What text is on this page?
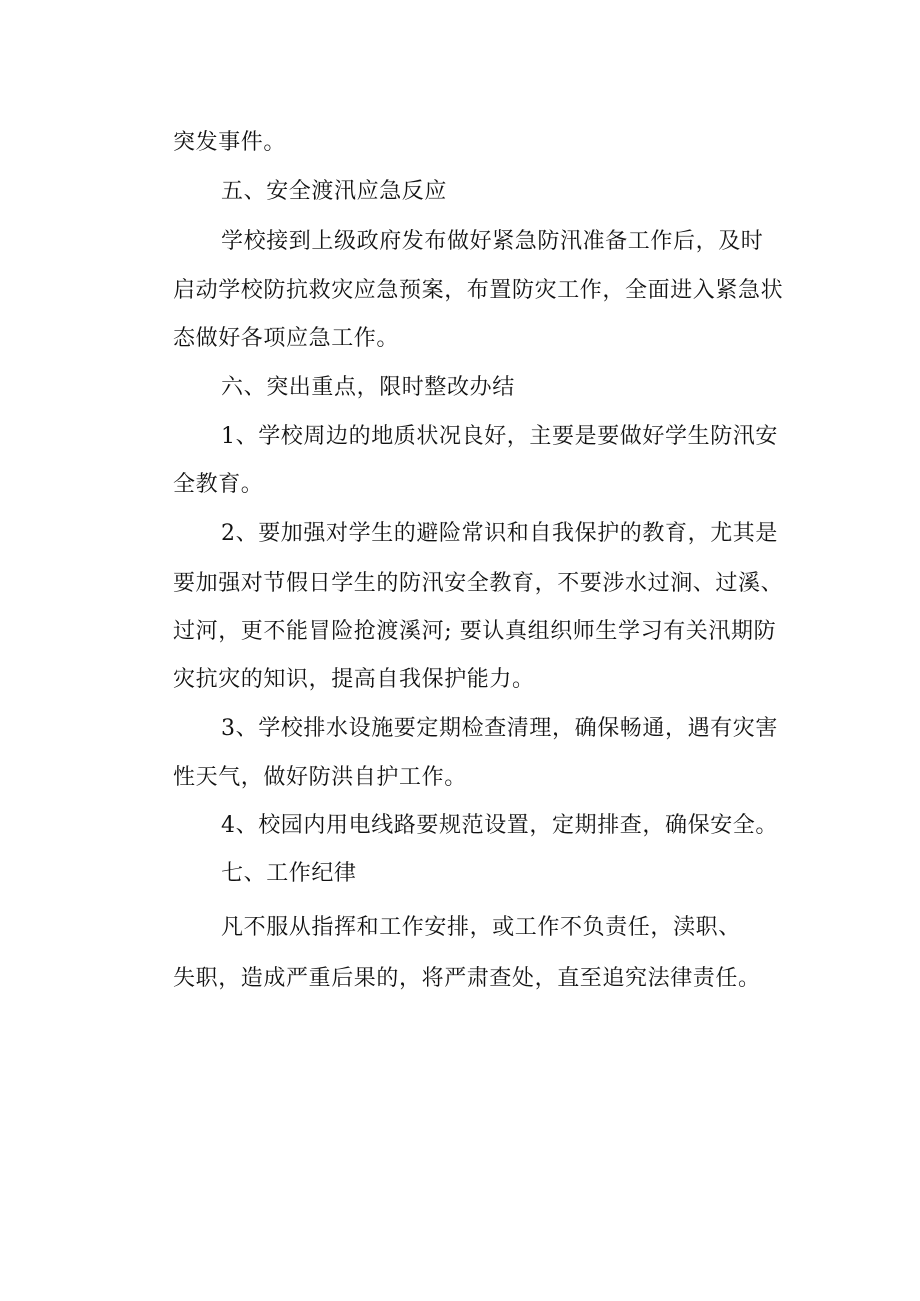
突发事件。
五、安全渡汛应急反应
学校接到上级政府发布做好紧急防汛准备工作后，及时
启动学校防抗救灾应急预案，布置防灾工作，全面进入紧急状
态做好各项应急工作。
六、突出重点，限时整改办结
1、学校周边的地质状况良好，主要是要做好学生防汛安
全教育。
2、要加强对学生的避险常识和自我保护的教育，尤其是
要加强对节假日学生的防汛安全教育，不要涉水过涧、过溪、
过河，更不能冒险抢渡溪河; 要认真组织师生学习有关汛期防
灾抗灾的知识，提高自我保护能力。
3、学校排水设施要定期检查清理，确保畅通，遇有灾害
性天气，做好防洪自护工作。
4、校园内用电线路要规范设置，定期排查，确保安全。
七、工作纪律
凡不服从指挥和工作安排，或工作不负责任，渎职、
失职，造成严重后果的，将严肃查处，直至追究法律责任。
